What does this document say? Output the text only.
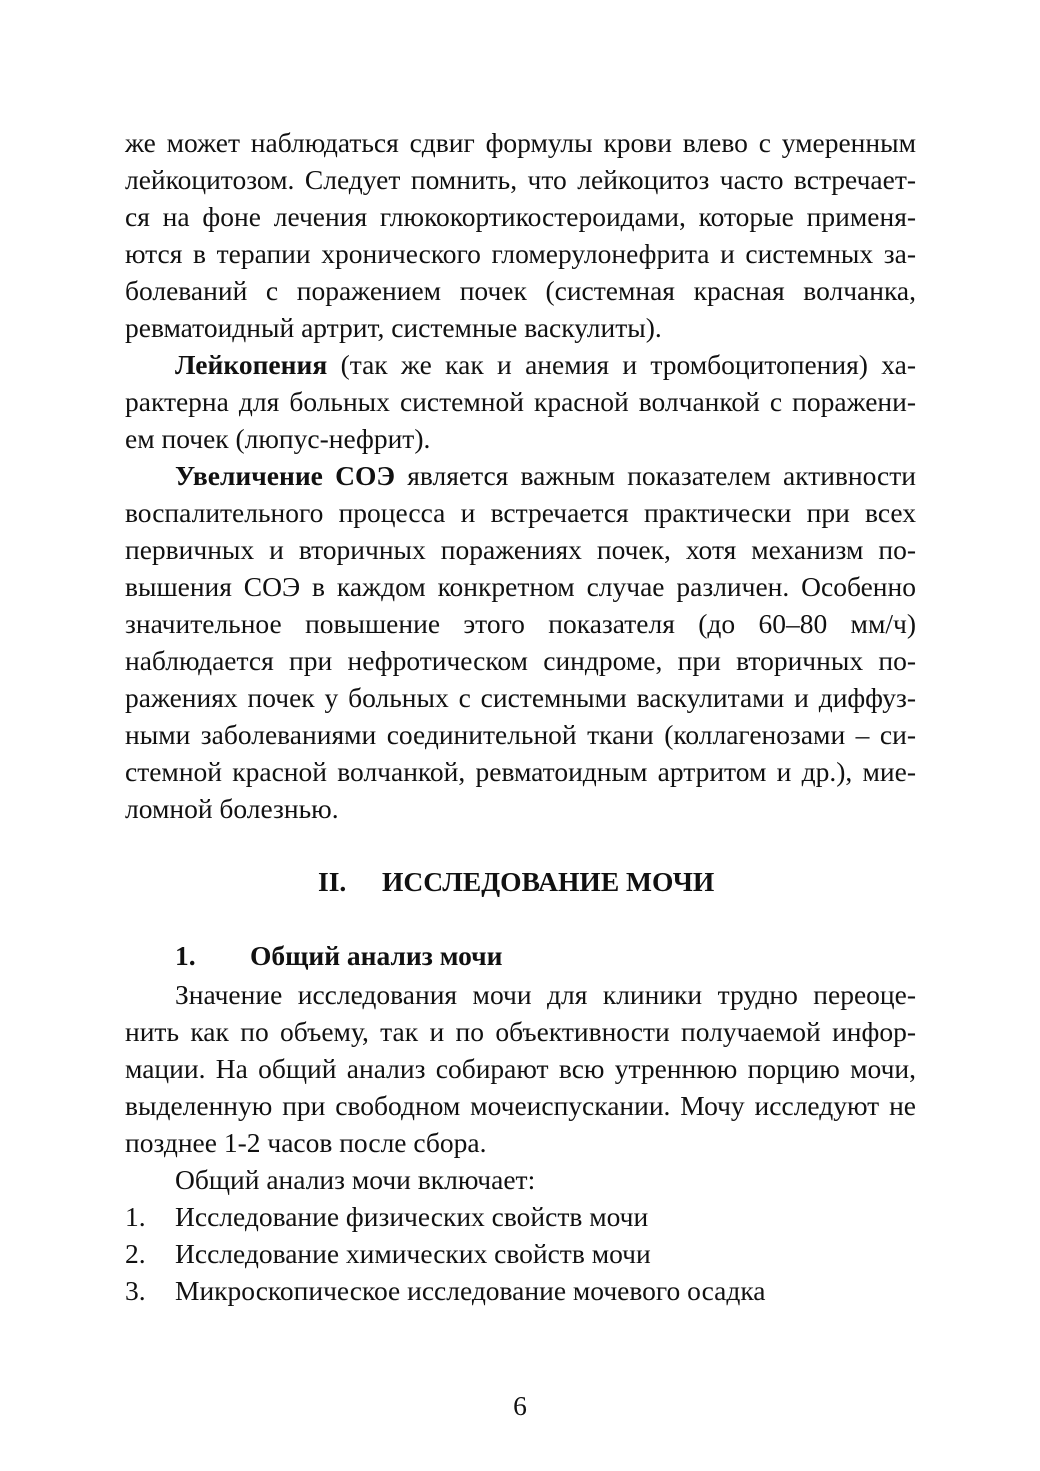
же может наблюдаться сдвиг формулы крови влево с умеренным
лейкоцитозом. Следует помнить, что лейкоцитоз часто встречает-
ся на фоне лечения глюкокортикостероидами, которые применя-
ются в терапии хронического гломерулонефрита и системных за-
болеваний с поражением почек (системная красная волчанка,
ревматоидный артрит, системные васкулиты).
Лейкопения (так же как и анемия и тромбоцитопения) ха-
рактерна для больных системной красной волчанкой с поражени-
ем почек (люпус-нефрит).
Увеличение СОЭ является важным показателем активности
воспалительного процесса и встречается практически при всех
первичных и вторичных поражениях почек, хотя механизм по-
вышения СОЭ в каждом конкретном случае различен. Особенно
значительное повышение этого показателя (до 60–80 мм/ч)
наблюдается при нефротическом синдроме, при вторичных по-
ражениях почек у больных с системными васкулитами и диффуз-
ными заболеваниями соединительной ткани (коллагенозами – си-
стемной красной волчанкой, ревматоидным артритом и др.), мие-
ломной болезнью.
II. ИССЛЕДОВАНИЕ МОЧИ
1. Общий анализ мочи
Значение исследования мочи для клиники трудно переоце-
нить как по объему, так и по объективности получаемой инфор-
мации. На общий анализ собирают всю утреннюю порцию мочи,
выделенную при свободном мочеиспускании. Мочу исследуют не
позднее 1-2 часов после сбора.
Общий анализ мочи включает:
1. Исследование физических свойств мочи
2. Исследование химических свойств мочи
3. Микроскопическое исследование мочевого осадка
6
